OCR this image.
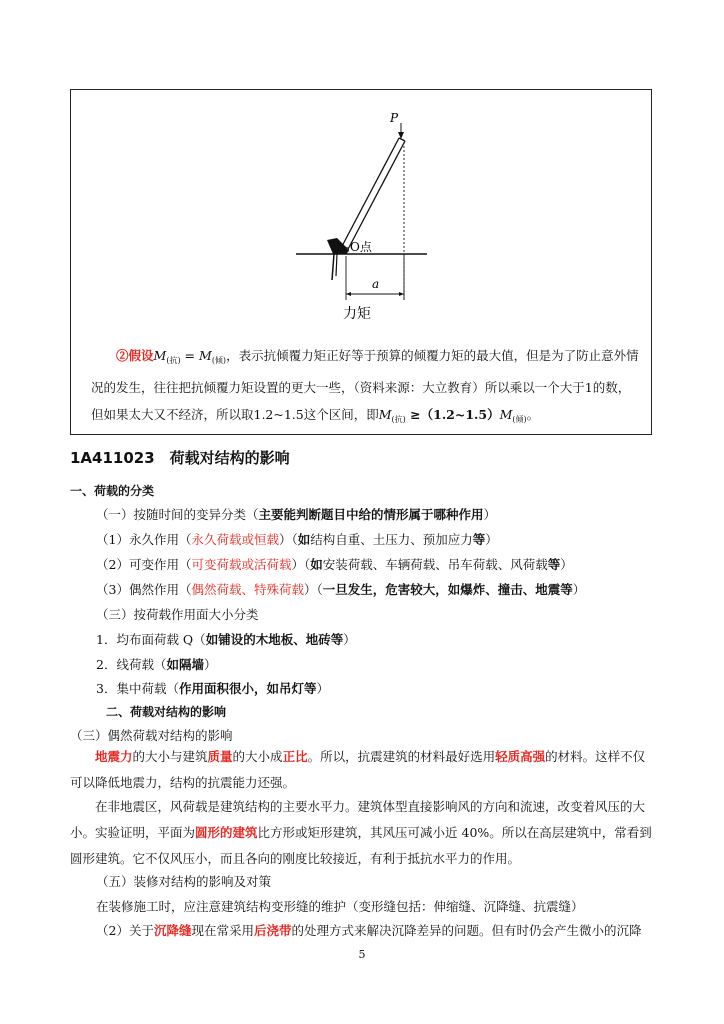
O点
P
a
力矩
②假设$M_{(抗)} = M_{(倾)}$，表示抗倾覆力矩正好等于预算的倾覆力矩的最大值，但是为了防止意外情况的发生，往往把抗倾覆力矩设置的更大一些，（资料来源：大立教育）所以乘以一个大于1的数，但如果太大又不经济，所以取1.2~1.5这个区间，即$M_{(抗)}$ $\ge(1.2\sim 1.5)M_{(倾)}$。
1A411023　荷载对结构的影响
一、荷载的分类
（一）按随时间的变异分类（主要能判断题目中给的情形属于哪种作用）
（1）永久作用（永久荷载或恒载）（如结构自重、土压力、预加应力等）
（2）可变作用（可变荷载或活荷载）（如安装荷载、车辆荷载、吊车荷载、风荷载等）
（3）偶然作用（偶然荷载、特殊荷载）（一旦发生，危害较大，如爆炸、撞击、地震等）
（三）按荷载作用面大小分类
1．均布面荷载 Q（如铺设的木地板、地砖等）
2．线荷载（如隔墙）
3．集中荷载（作用面积很小，如吊灯等）
二、荷载对结构的影响
（三）偶然荷载对结构的影响
地震力的大小与建筑质量的大小成正比。所以，抗震建筑的材料最好选用轻质高强的材料。这样不仅可以降低地震力，结构的抗震能力还强。
在非地震区，风荷载是建筑结构的主要水平力。建筑体型直接影响风的方向和流速，改变着风压的大小。实验证明，平面为圆形的建筑比方形或矩形建筑，其风压可减小近 40%。所以在高层建筑中，常看到圆形建筑。它不仅风压小，而且各向的刚度比较接近，有利于抵抗水平力的作用。
（五）装修对结构的影响及对策
在装修施工时，应注意建筑结构变形缝的维护（变形缝包括：伸缩缝、沉降缝、抗震缝）
（2）关于沉降缝现在常采用后浇带的处理方式来解决沉降差异的问题。但有时仍会产生微小的沉降
5
